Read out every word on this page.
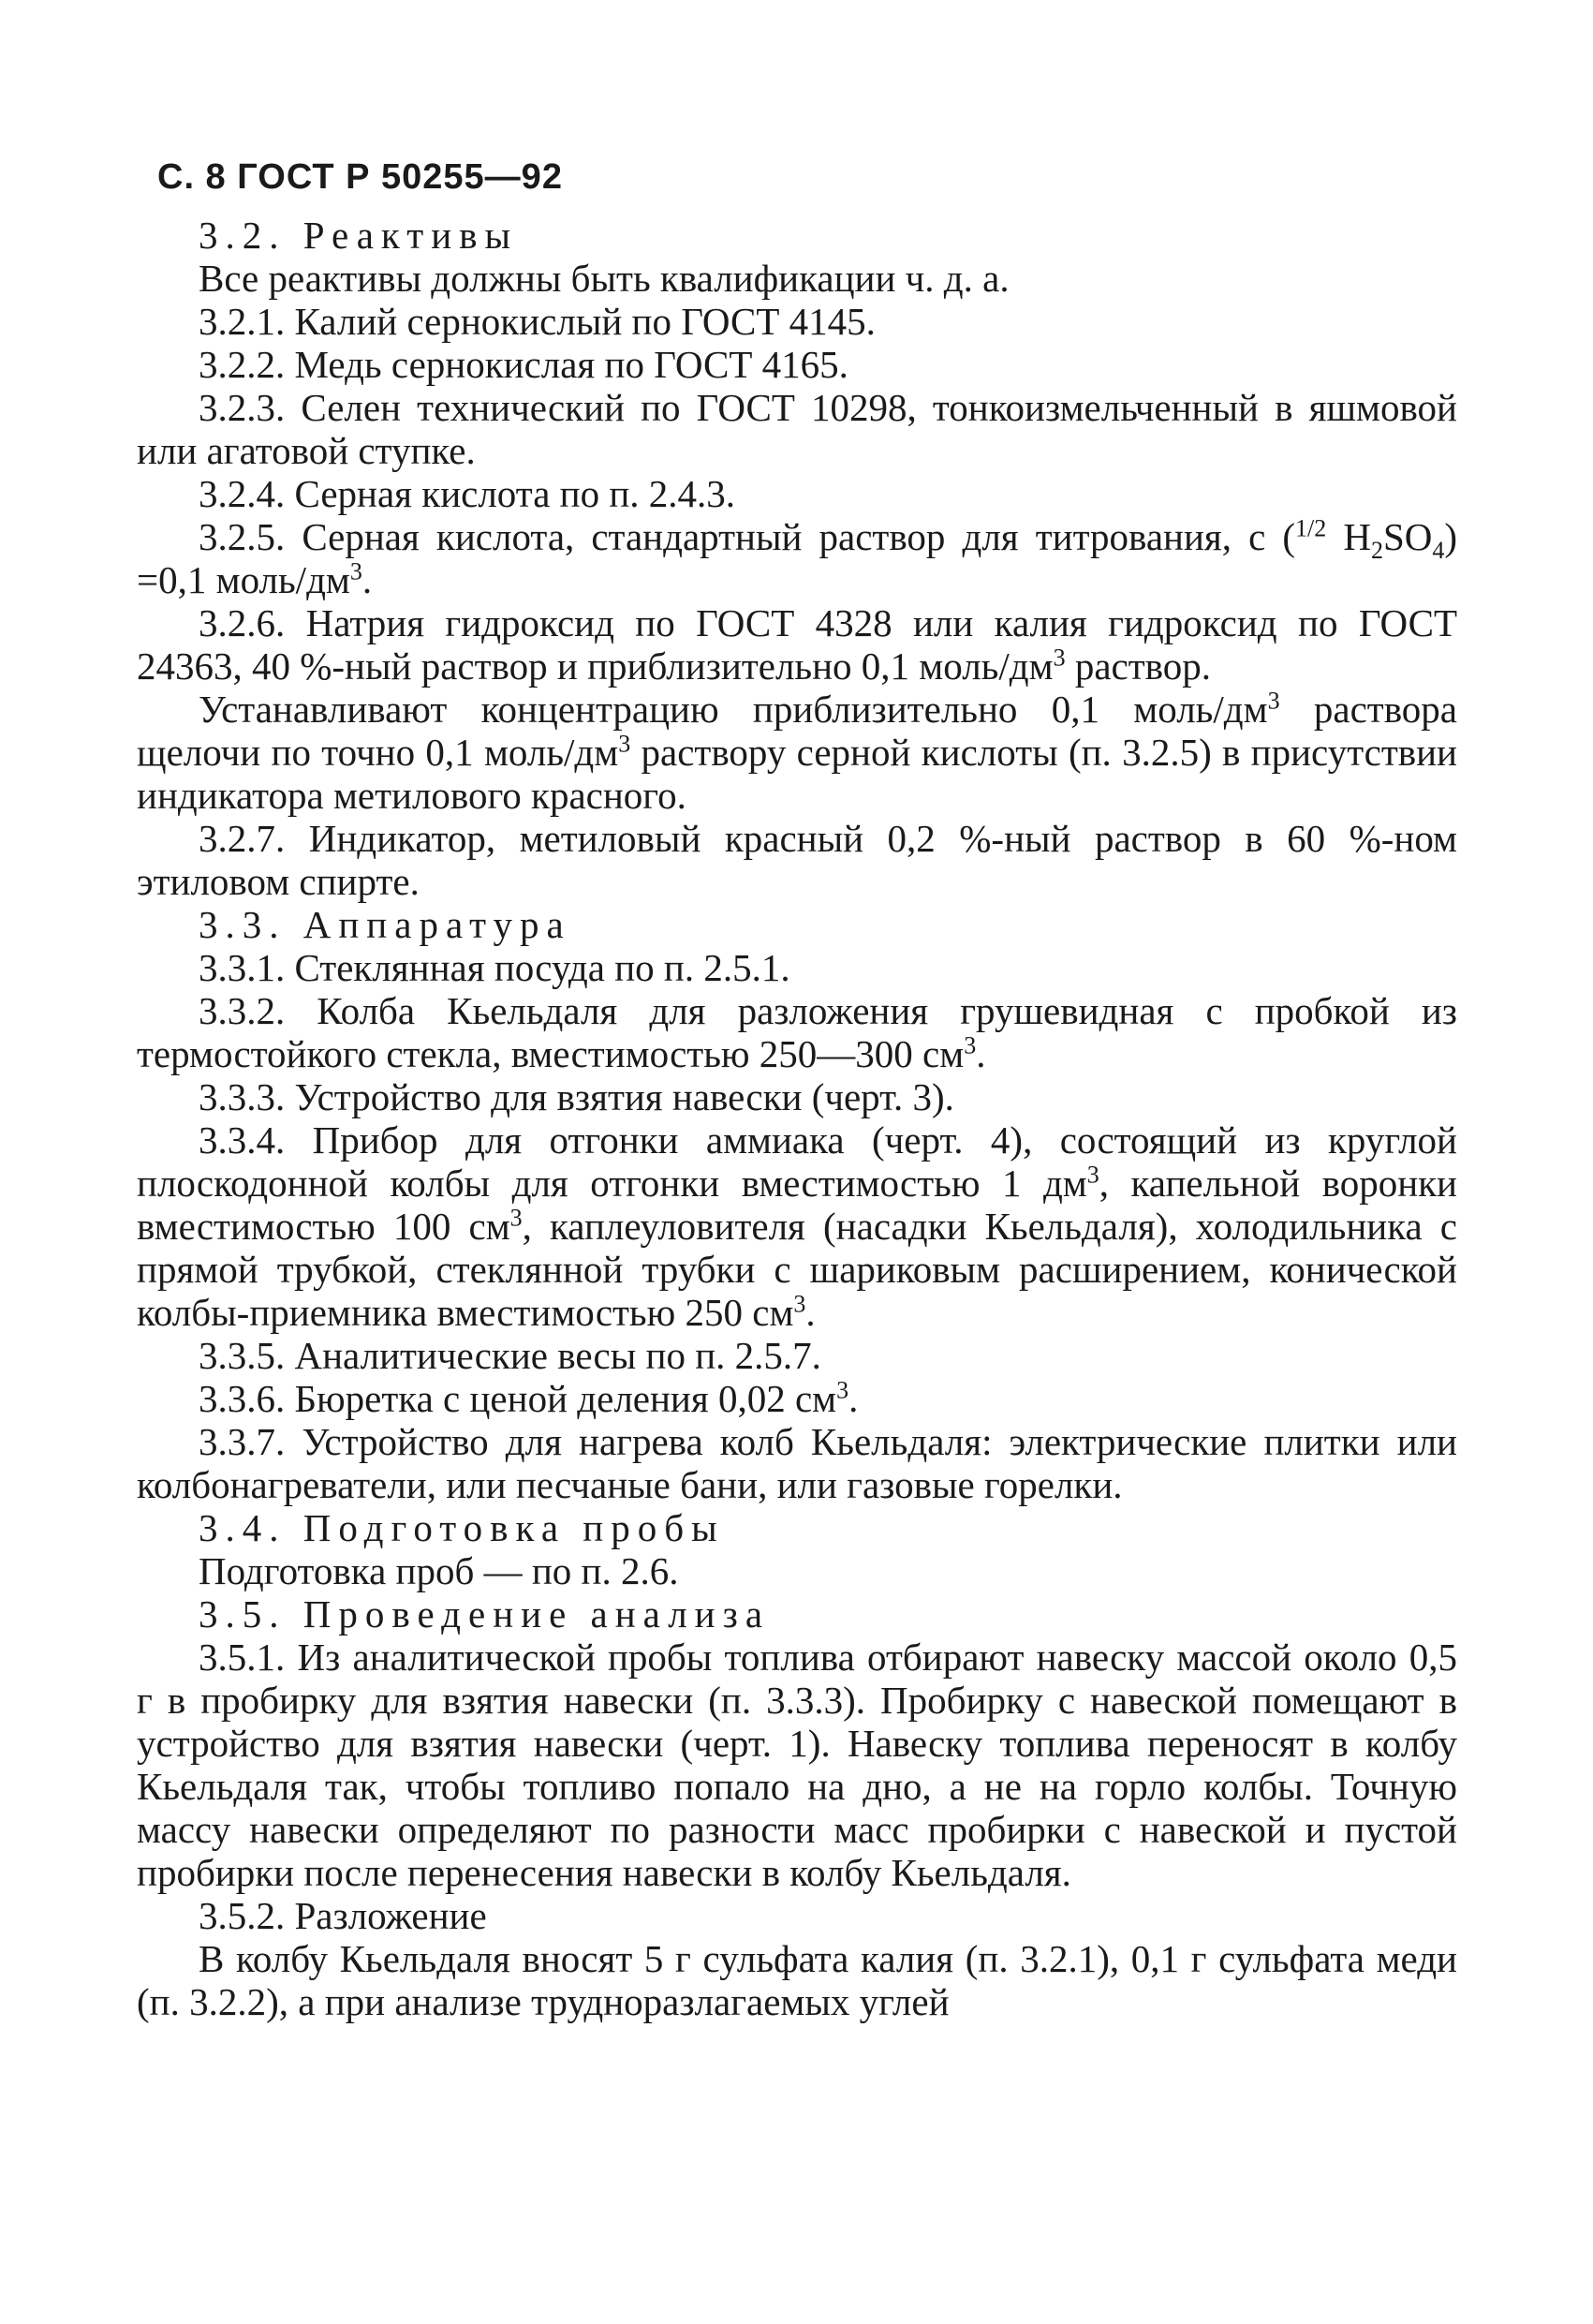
С. 8 ГОСТ Р 50255—92

3.2. Реактивы

Все реактивы должны быть квалификации ч. д. а.

3.2.1. Калий сернокислый по ГОСТ 4145.

3.2.2. Медь сернокислая по ГОСТ 4165.

3.2.3. Селен технический по ГОСТ 10298, тонкоизмельченный в яшмовой или агатовой ступке.

3.2.4. Серная кислота по п. 2.4.3.

3.2.5. Серная кислота, стандартный раствор для титрования, с ($^{1/2}$ $H_2SO_4) =0,1$ моль/$дм^3$.

3.2.6. Натрия гидроксид по ГОСТ 4328 или калия гидроксид по ГОСТ 24363, 40 %-ный раствор и приблизительно 0,1 моль/$дм^3$ раствор.

Устанавливают концентрацию приблизительно 0,1 моль/$дм^3$ раствора щелочи по точно 0,1 моль/$дм^3$ раствору серной кислоты (п. 3.2.5) в присутствии индикатора метилового красного.

3.2.7. Индикатор, метиловый красный 0,2 %-ный раствор в 60 %-ном этиловом спирте.

3.3. Аппаратура

3.3.1. Стеклянная посуда по п. 2.5.1.

3.3.2. Колба Кьельдаля для разложения грушевидная с пробкой из термостойкого стекла, вместимостью 250—300 $см^3$.

3.3.3. Устройство для взятия навески (черт. 3).

3.3.4. Прибор для отгонки аммиака (черт. 4), состоящий из круглой плоскодонной колбы для отгонки вместимостью 1 $дм^3$, капельной воронки вместимостью 100 $см^3$, каплеуловителя (насадки Кьельдаля), холодильника с прямой трубкой, стеклянной трубки с шариковым расширением, конической колбы-приемника вместимостью 250 $см^3$.

3.3.5. Аналитические весы по п. 2.5.7.

3.3.6. Бюретка с ценой деления 0,02 $см^3$.

3.3.7. Устройство для нагрева колб Кьельдаля: электрические плитки или колбонагреватели, или песчаные бани, или газовые горелки.

3.4. Подготовка пробы

Подготовка проб — по п. 2.6.

3.5. Проведение анализа

3.5.1. Из аналитической пробы топлива отбирают навеску массой около 0,5 г в пробирку для взятия навески (п. 3.3.3). Пробирку с навеской помещают в устройство для взятия навески (черт. 1). Навеску топлива переносят в колбу Кьельдаля так, чтобы топливо попало на дно, а не на горло колбы. Точную массу навески определяют по разности масс пробирки с навеской и пустой пробирки после перенесения навески в колбу Кьельдаля.

3.5.2. Разложение

В колбу Кьельдаля вносят 5 г сульфата калия (п. 3.2.1), 0,1 г сульфата меди (п. 3.2.2), а при анализе трудноразлагаемых углей
